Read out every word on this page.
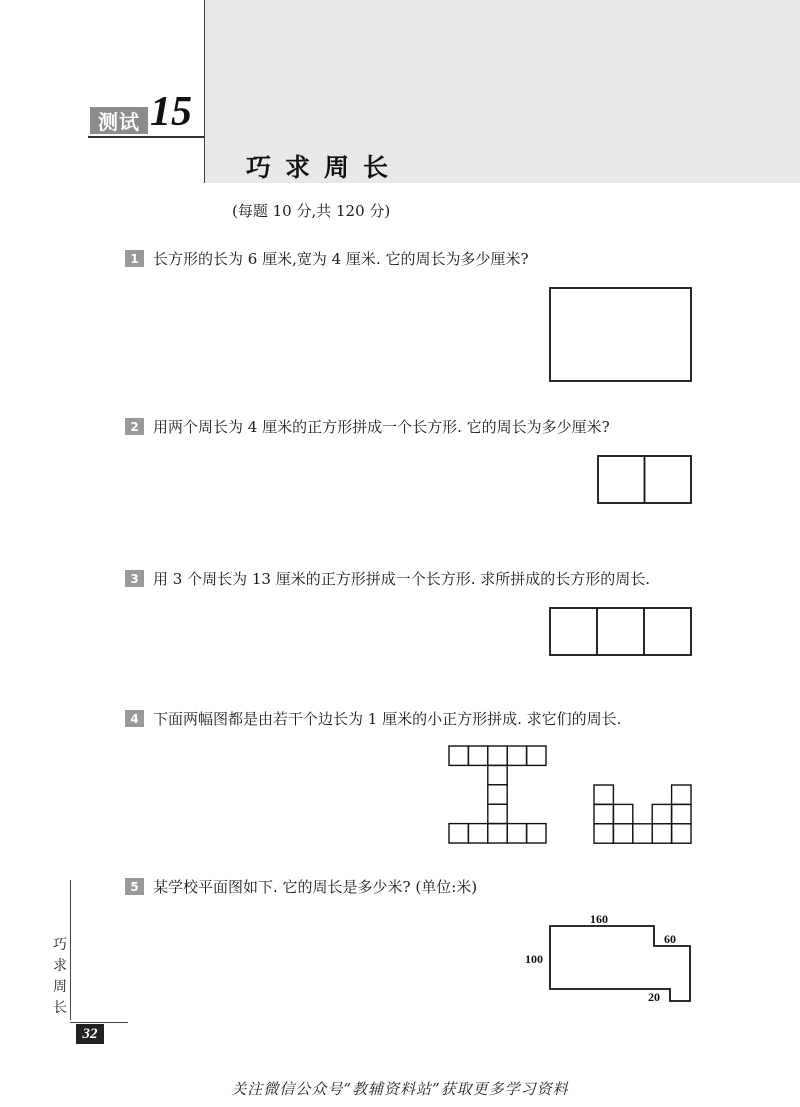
测试 15
巧求周长
(每题 10 分,共 120 分)
1 长方形的长为 6 厘米,宽为 4 厘米. 它的周长为多少厘米?
2 用两个周长为 4 厘米的正方形拼成一个长方形. 它的周长为多少厘米?
3 用 3 个周长为 13 厘米的正方形拼成一个长方形. 求所拼成的长方形的周长.
4 下面两幅图都是由若干个边长为 1 厘米的小正方形拼成. 求它们的周长.
5 某学校平面图如下. 它的周长是多少米? (单位:米)
160
100
60
20
巧
求
周
长
32
关注微信公众号“教辅资料站”获取更多学习资料
